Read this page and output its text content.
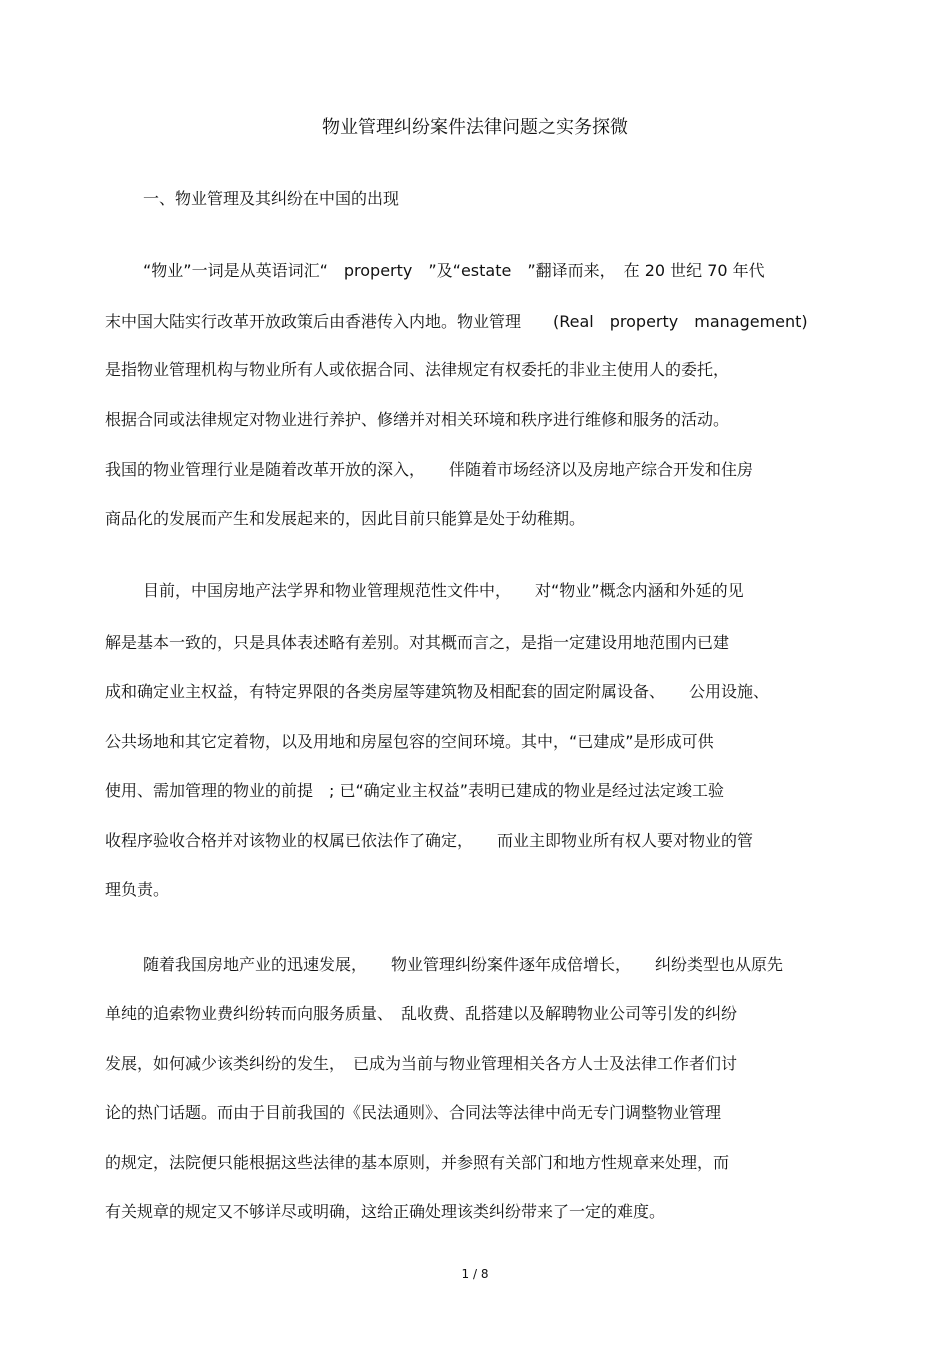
物业管理纠纷案件法律问题之实务探微
一、物业管理及其纠纷在中国的出现
“物业”一词是从英语词汇“　property　”及“estate　”翻译而来，　在 20 世纪 70 年代
末中国大陆实行改革开放政策后由香港传入内地。物业管理　　(Real　property　management)
是指物业管理机构与物业所有人或依据合同、法律规定有权委托的非业主使用人的委托，
根据合同或法律规定对物业进行养护、修缮并对相关环境和秩序进行维修和服务的活动。
我国的物业管理行业是随着改革开放的深入，　　伴随着市场经济以及房地产综合开发和住房
商品化的发展而产生和发展起来的，因此目前只能算是处于幼稚期。
目前，中国房地产法学界和物业管理规范性文件中，　　对“物业”概念内涵和外延的见
解是基本一致的，只是具体表述略有差别。对其概而言之，是指一定建设用地范围内已建
成和确定业主权益，有特定界限的各类房屋等建筑物及相配套的固定附属设备、　　公用设施、
公共场地和其它定着物，以及用地和房屋包容的空间环境。其中，“已建成”是形成可供
使用、需加管理的物业的前提　; 已“确定业主权益”表明已建成的物业是经过法定竣工验
收程序验收合格并对该物业的权属已依法作了确定，　　而业主即物业所有权人要对物业的管
理负责。
随着我国房地产业的迅速发展，　　物业管理纠纷案件逐年成倍增长，　　纠纷类型也从原先
单纯的追索物业费纠纷转而向服务质量、　乱收费、乱搭建以及解聘物业公司等引发的纠纷
发展，如何减少该类纠纷的发生，　已成为当前与物业管理相关各方人士及法律工作者们讨
论的热门话题。而由于目前我国的《民法通则》、合同法等法律中尚无专门调整物业管理
的规定，法院便只能根据这些法律的基本原则，并参照有关部门和地方性规章来处理，而
有关规章的规定又不够详尽或明确，这给正确处理该类纠纷带来了一定的难度。
1 / 8
